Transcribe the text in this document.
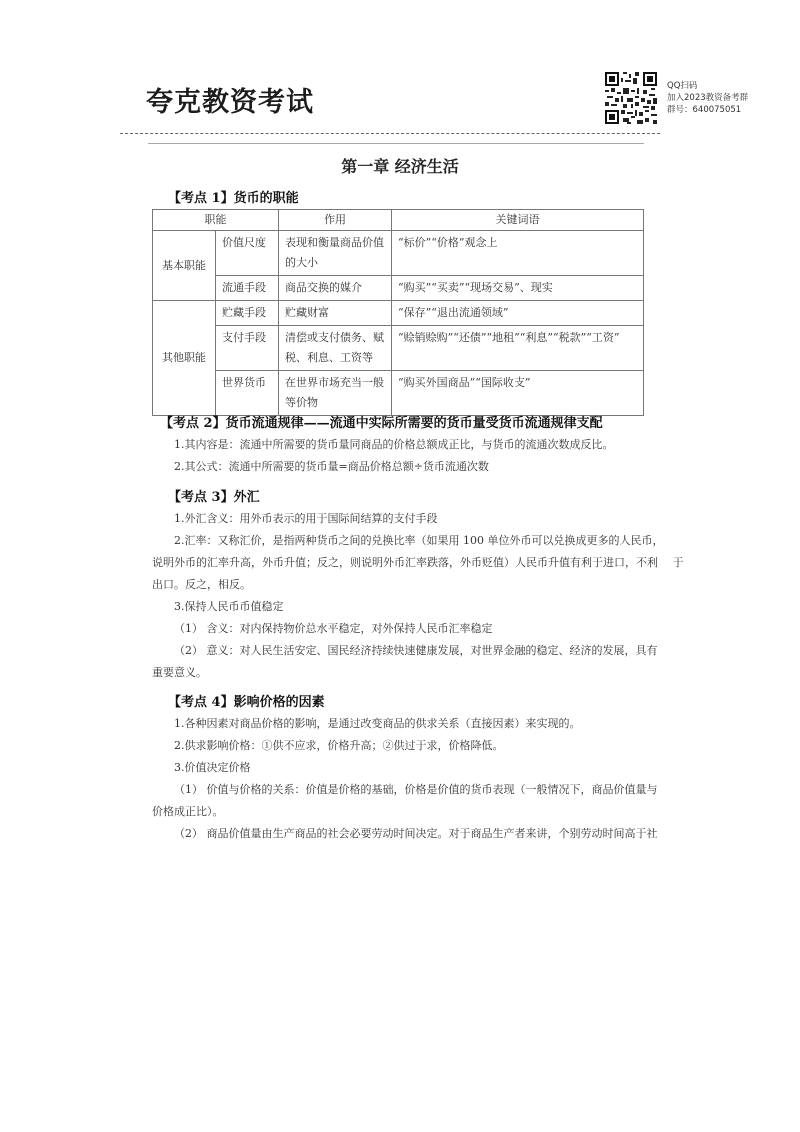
夸克教资考试
QQ扫码
加入2023教资备考群
群号：640075051
第一章 经济生活
【考点 1】货币的职能
职能		作用	关键词语
基本职能	价值尺度	表现和衡量商品价值的大小	“标价”“价格”观念上
	流通手段	商品交换的媒介	“购买”“买卖”“现场交易”、现实
其他职能	贮藏手段	贮藏财富	“保存”“退出流通领域”
	支付手段	清偿或支付债务、赋税、利息、工资等	“赊销赊购”“还债”“地租”“利息”“税款”“工资”
	世界货币	在世界市场充当一般等价物	“购买外国商品”“国际收支”
【考点 2】货币流通规律——流通中实际所需要的货币量受货币流通规律支配
1.其内容是：流通中所需要的货币量同商品的价格总额成正比，与货币的流通次数成反比。
2.其公式：流通中所需要的货币量=商品价格总额÷货币流通次数
【考点 3】外汇
1.外汇含义：用外币表示的用于国际间结算的支付手段
2.汇率：又称汇价，是指两种货币之间的兑换比率（如果用 100 单位外币可以兑换成更多的人民币，
说明外币的汇率升高，外币升值；反之，则说明外币汇率跌落，外币贬值）人民币升值有利于进口，不利　 于
出口。反之，相反。
3.保持人民币币值稳定
（1） 含义：对内保持物价总水平稳定，对外保持人民币汇率稳定
（2） 意义：对人民生活安定、国民经济持续快速健康发展，对世界金融的稳定、经济的发展，具有
重要意义。
【考点 4】影响价格的因素
1.各种因素对商品价格的影响，是通过改变商品的供求关系（直接因素）来实现的。
2.供求影响价格：①供不应求，价格升高；②供过于求，价格降低。
3.价值决定价格
（1） 价值与价格的关系：价值是价格的基础，价格是价值的货币表现（一般情况下，商品价值量与
价格成正比）。
（2） 商品价值量由生产商品的社会必要劳动时间决定。对于商品生产者来讲，个别劳动时间高于社
